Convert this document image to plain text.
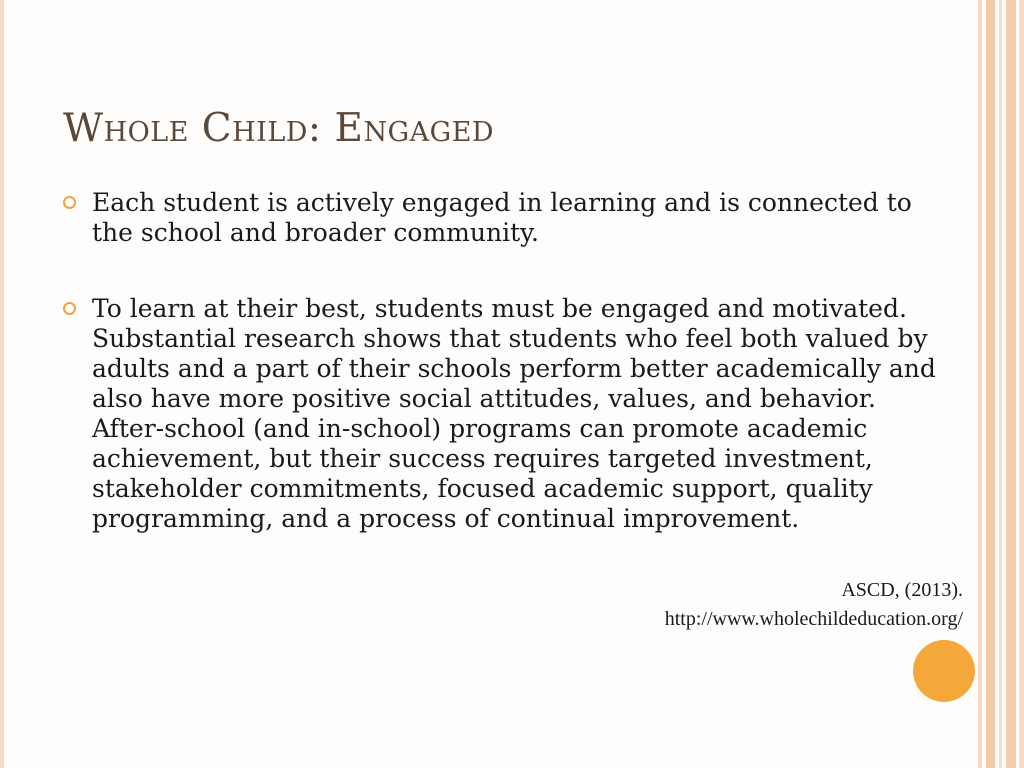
Whole Child: Engaged
Each student is actively engaged in learning and is connected to the school and broader community.
To learn at their best, students must be engaged and motivated. Substantial research shows that students who feel both valued by adults and a part of their schools perform better academically and also have more positive social attitudes, values, and behavior. After-school (and in-school) programs can promote academic achievement, but their success requires targeted investment, stakeholder commitments, focused academic support, quality programming, and a process of continual improvement.
ASCD, (2013).
http://www.wholechildeducation.org/
